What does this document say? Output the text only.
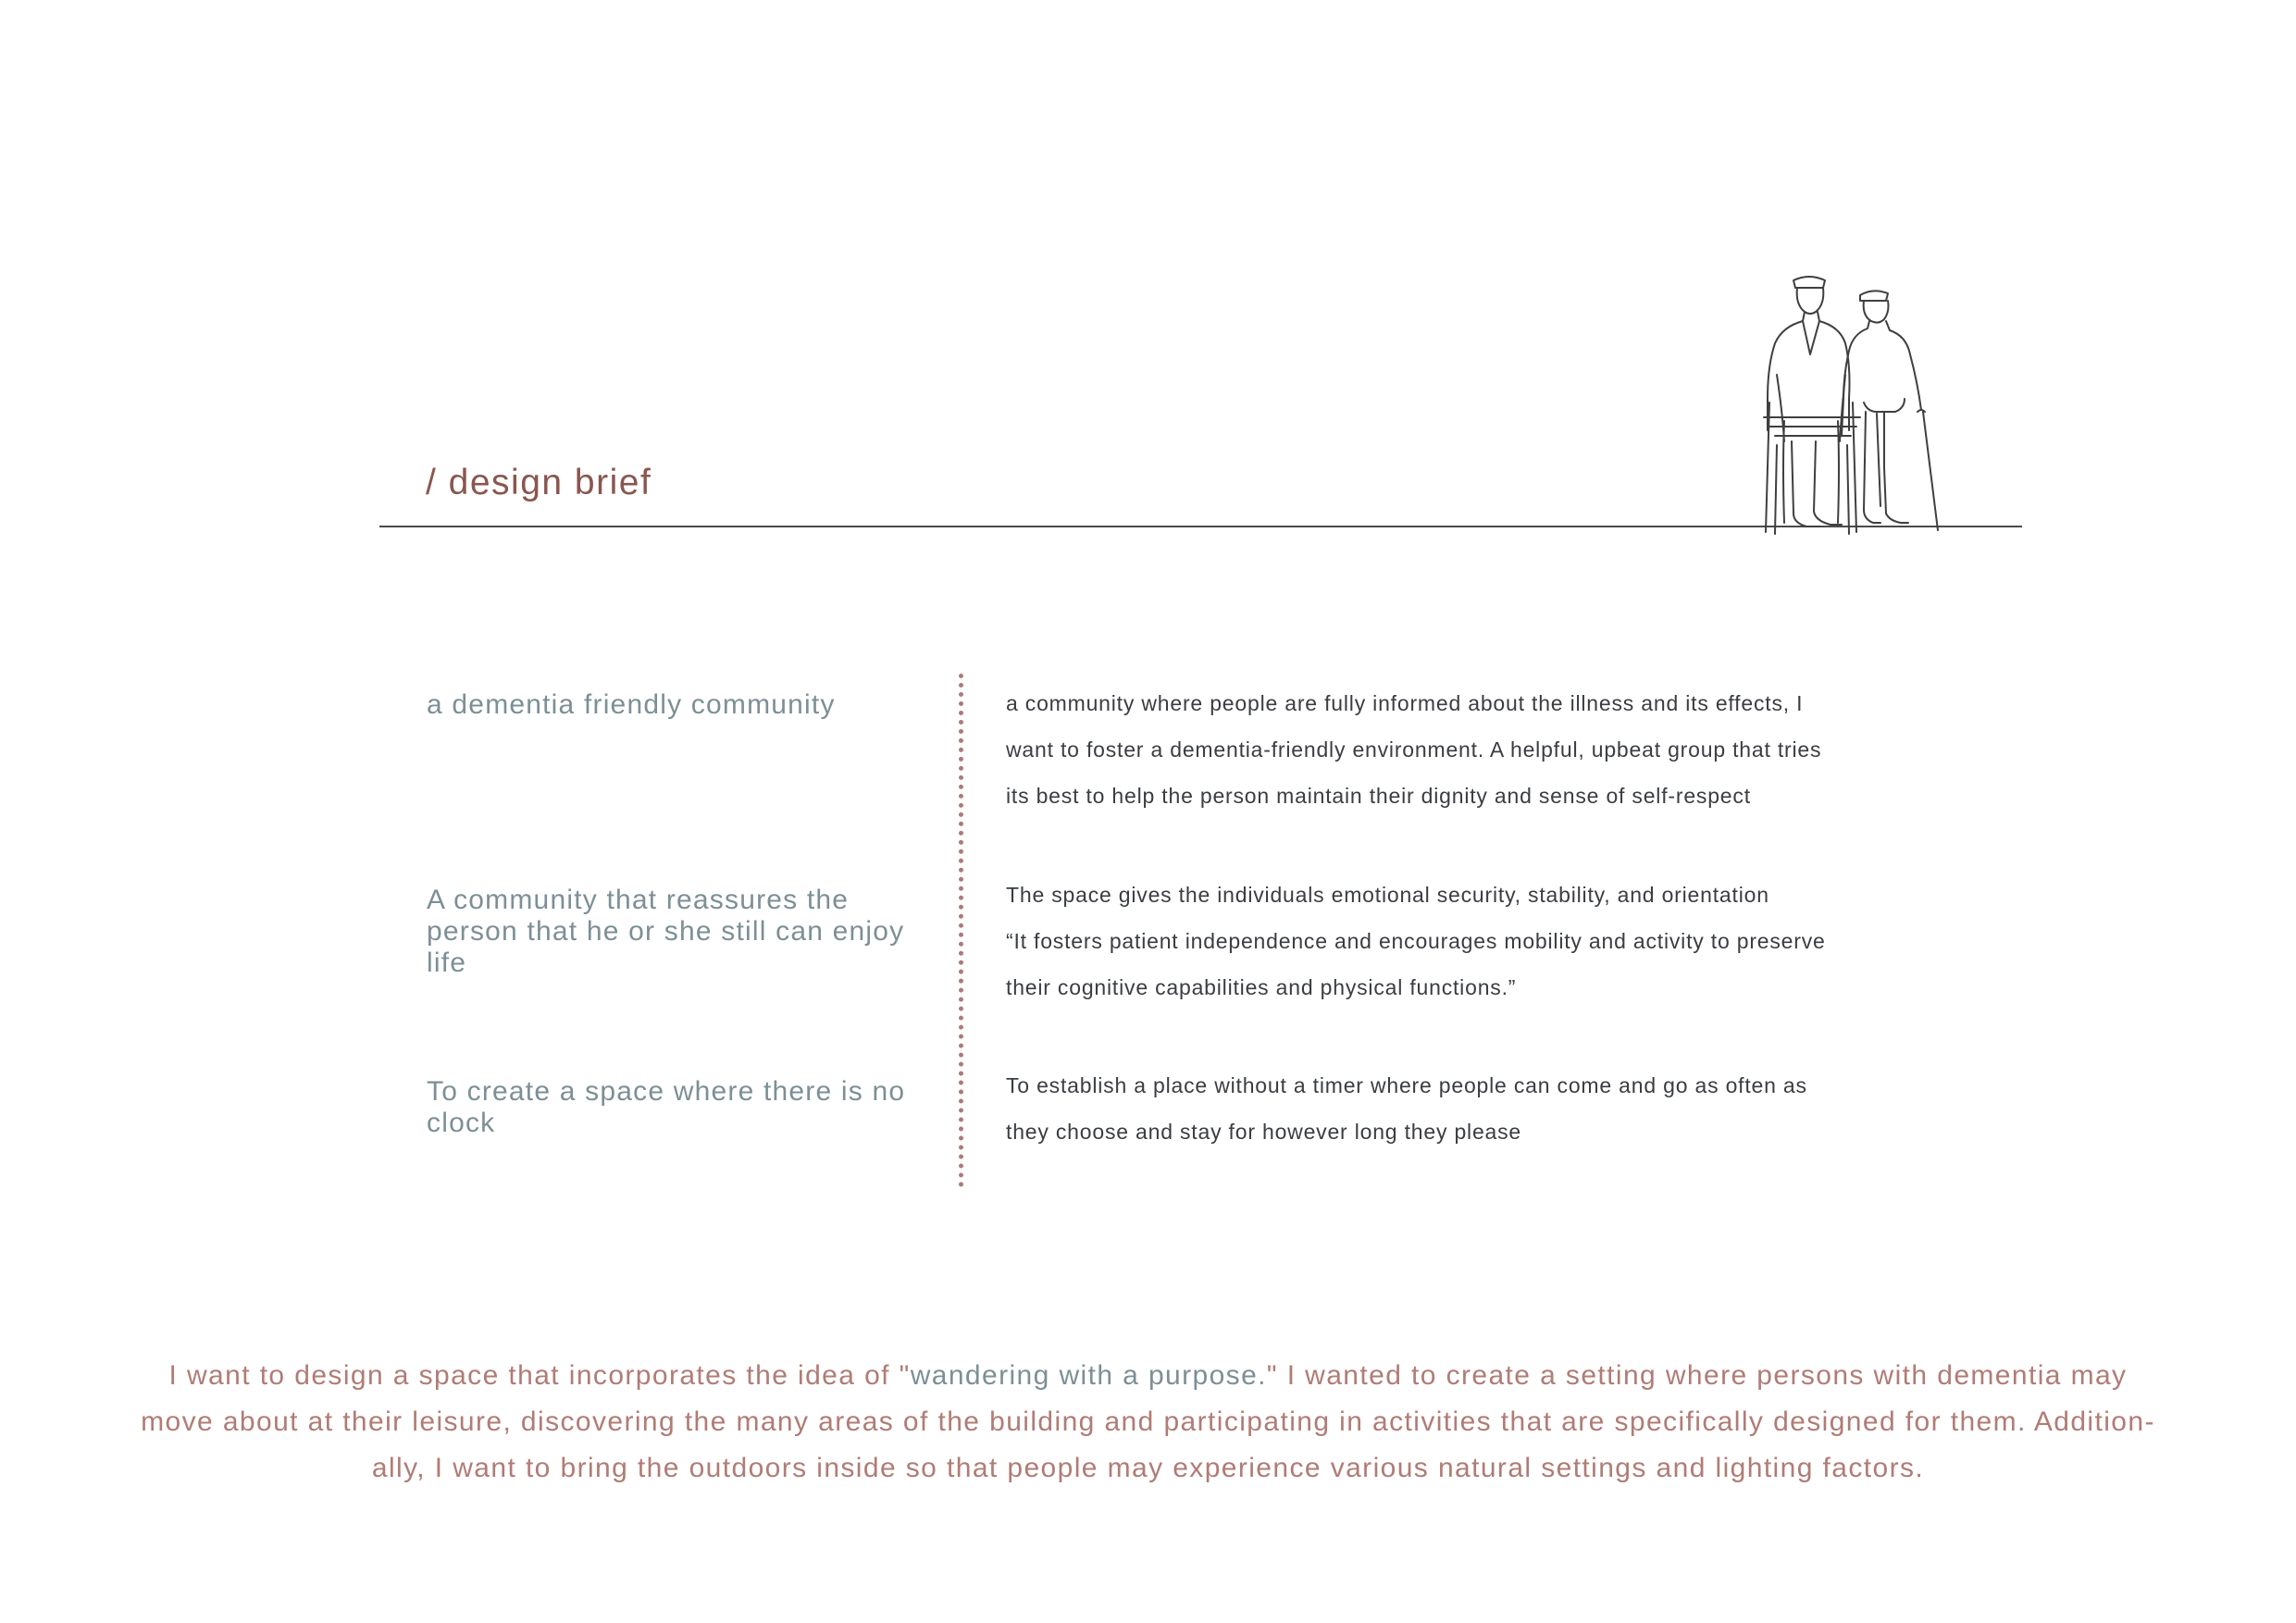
/ design brief

a dementia friendly community	a community where people are fully informed about the illness and its effects, I
want to foster a dementia-friendly environment. A helpful, upbeat group that tries
its best to help the person maintain their dignity and sense of self-respect

A community that reassures the person that he or she still can enjoy life

The space gives the individuals emotional security, stability, and orientation
“It fosters patient independence and encourages mobility and activity to preserve
their cognitive capabilities and physical functions.”

To create a space where there is no clock

To establish a place without a timer where people can come and go as often as
they choose and stay for however long they please

I want to design a space that incorporates the idea of "wandering with a purpose." I wanted to create a setting where persons with dementia may
move about at their leisure, discovering the many areas of the building and participating in activities that are specifically designed for them. Addition-
ally, I want to bring the outdoors inside so that people may experience various natural settings and lighting factors.
